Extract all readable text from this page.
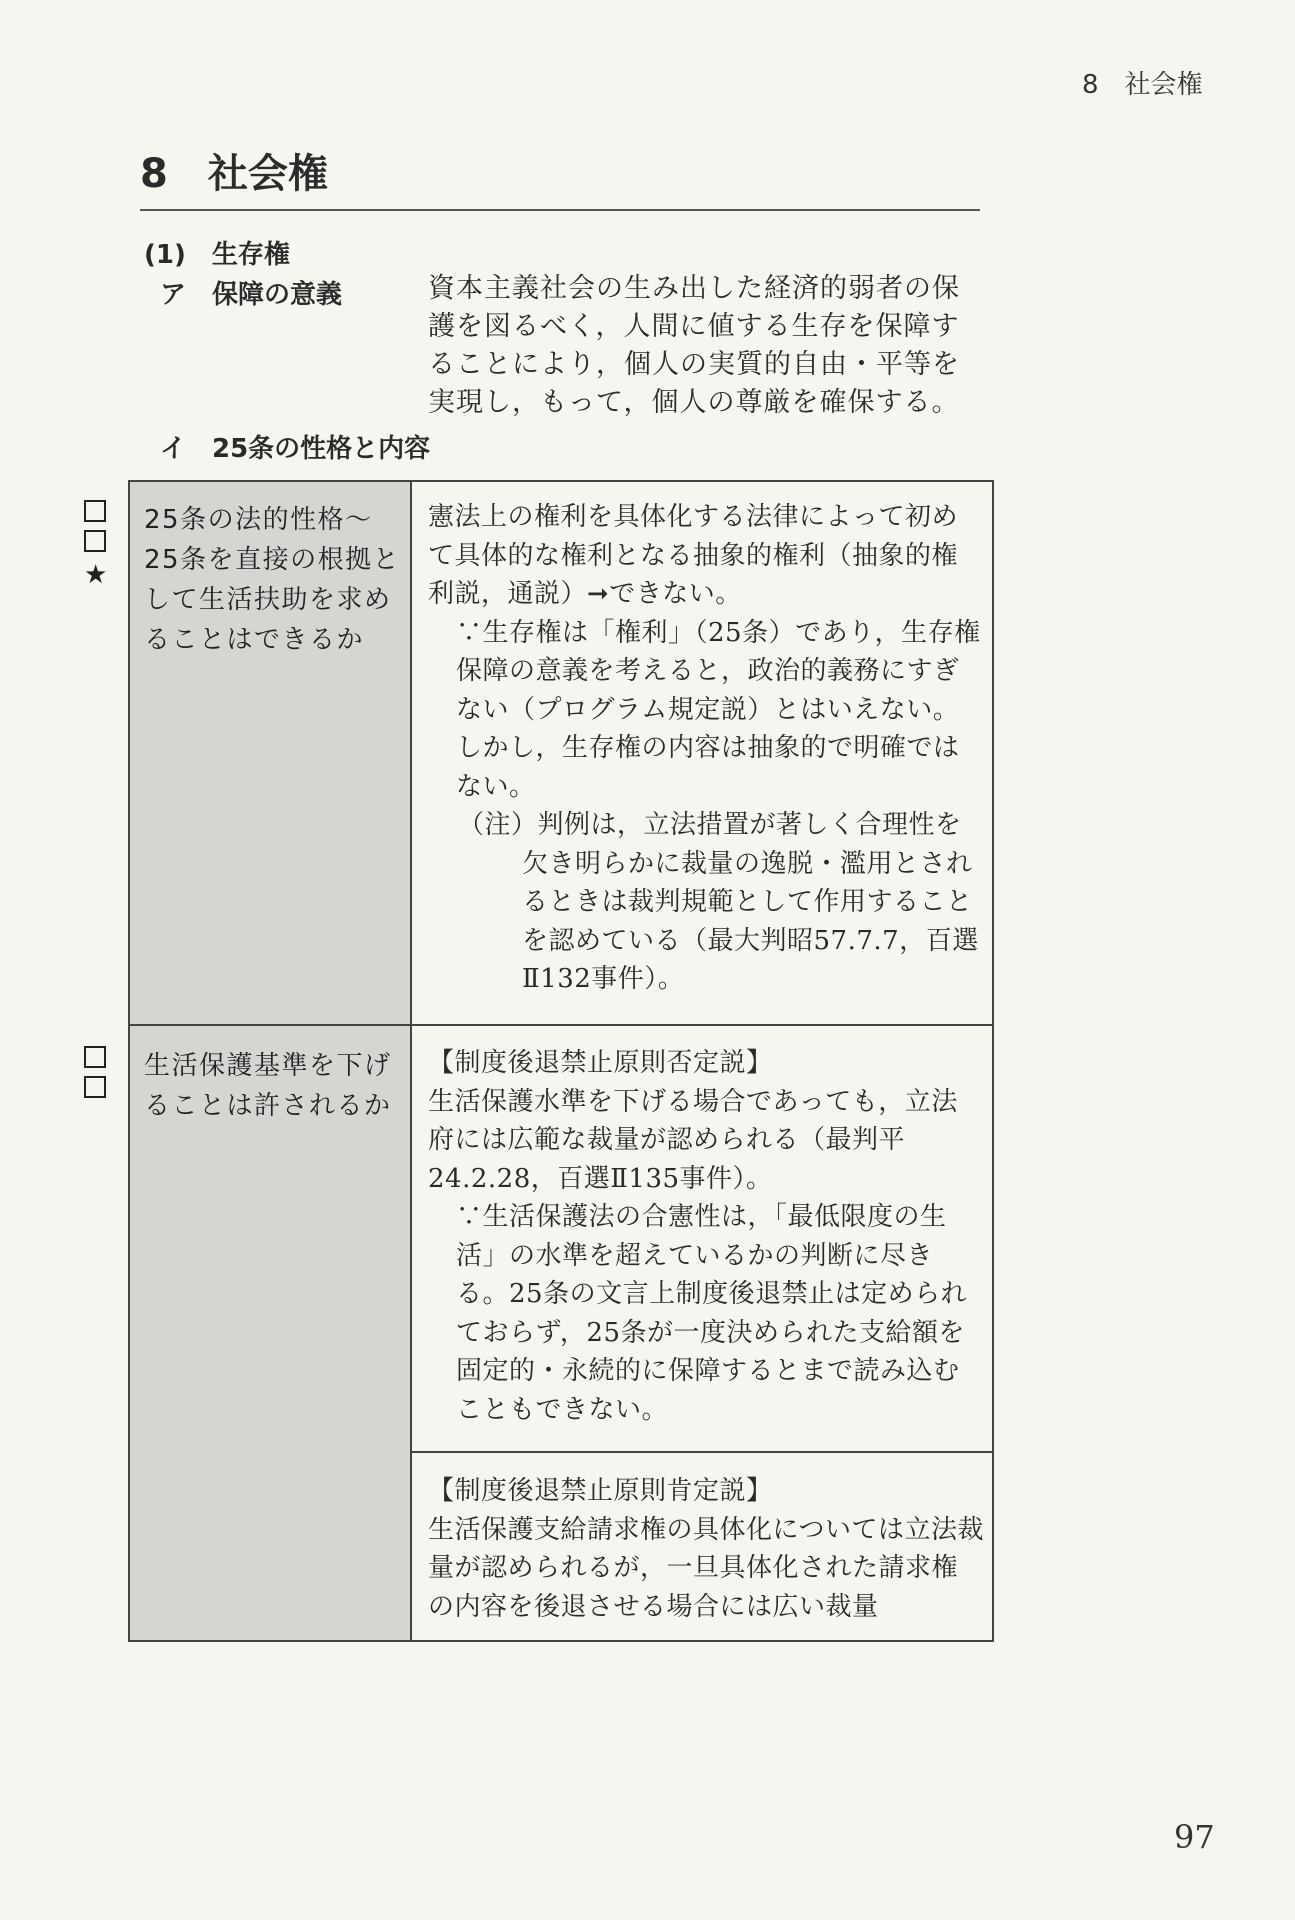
8　社会権
8　社会権
(1)　生存権
ア　保障の意義	資本主義社会の生み出した経済的弱者の保護を図るべく，人間に値する生存を保障することにより，個人の実質的自由・平等を実現し，もって，個人の尊厳を確保する。
イ　25条の性格と内容
★
25条の法的性格～25条を直接の根拠として生活扶助を求めることはできるか
憲法上の権利を具体化する法律によって初めて具体的な権利となる抽象的権利（抽象的権利説，通説）➞できない。
∵生存権は「権利」（25条）であり，生存権保障の意義を考えると，政治的義務にすぎない（プログラム規定説）とはいえない。しかし，生存権の内容は抽象的で明確ではない。
（注）判例は，立法措置が著しく合理性を欠き明らかに裁量の逸脱・濫用とされるときは裁判規範として作用することを認めている（最大判昭57.7.7，百選Ⅱ132事件）。
生活保護基準を下げることは許されるか
【制度後退禁止原則否定説】
生活保護水準を下げる場合であっても，立法府には広範な裁量が認められる（最判平24.2.28，百選Ⅱ135事件）。
∵生活保護法の合憲性は，「最低限度の生活」の水準を超えているかの判断に尽きる。25条の文言上制度後退禁止は定められておらず，25条が一度決められた支給額を固定的・永続的に保障するとまで読み込むこともできない。
【制度後退禁止原則肯定説】
生活保護支給請求権の具体化については立法裁量が認められるが，一旦具体化された請求権の内容を後退させる場合には広い裁量
97
